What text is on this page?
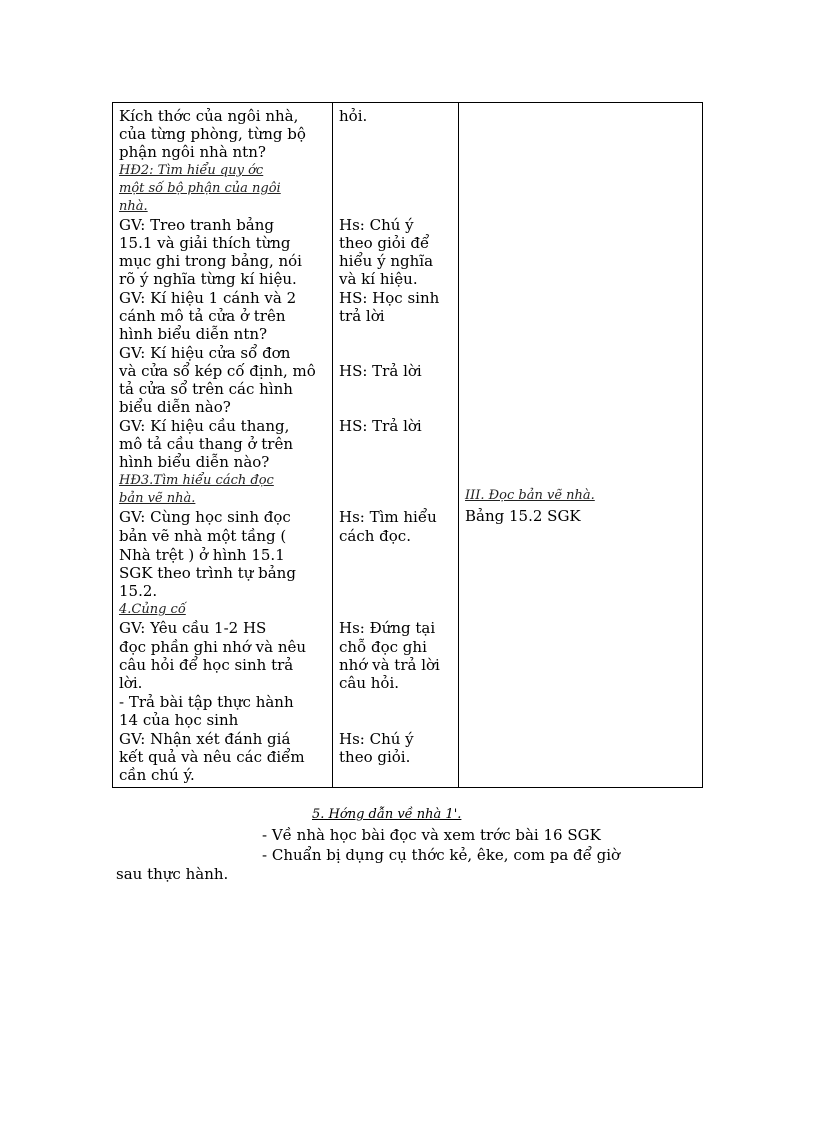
Kích thớc của ngôi nhà,
của từng phòng, từng bộ
phận ngôi nhà ntn?
HĐ2: Tìm hiểu quy ớc
một số bộ phận của ngôi
nhà.
GV: Treo tranh bảng
15.1 và giải thích từng
mục ghi trong bảng, nói
rõ ý nghĩa từng kí hiệu.
GV: Kí hiệu 1 cánh và 2
cánh mô tả cửa ở trên
hình biểu diễn ntn?
GV: Kí hiệu cửa sổ đơn
và cửa sổ kép cố định, mô
tả cửa sổ trên các hình
biểu diễn nào?
GV: Kí hiệu cầu thang,
mô tả cầu thang ở trên
hình biểu diễn nào?
HĐ3.Tìm hiểu cách đọc
bản vẽ nhà.
GV: Cùng học sinh đọc
bản vẽ nhà một tầng (
Nhà trệt ) ở hình 15.1
SGK theo trình tự bảng
15.2.
4.Củng cố
GV: Yêu cầu 1-2 HS
đọc phần ghi nhớ và nêu
câu hỏi để học sinh trả
lời.
- Trả bài tập thực hành
14 của học sinh
GV: Nhận xét đánh giá
kết quả và nêu các điểm
cần chú ý.
hỏi.
Hs: Chú ý
theo giỏi để
hiểu ý nghĩa
và kí hiệu.
HS: Học sinh
trả lời
HS: Trả lời
HS: Trả lời
Hs: Tìm hiểu
cách đọc.
Hs: Đứng tại
chỗ đọc ghi
nhớ và trả lời
câu hỏi.
Hs: Chú ý
theo giỏi.
III. Đọc bản vẽ nhà.
Bảng 15.2 SGK
5. Hớng dẫn về nhà 1'.
- Về nhà học bài đọc và xem trớc bài 16 SGK
- Chuẩn bị dụng cụ thớc kẻ, êke, com pa để giờ
sau thực hành.
